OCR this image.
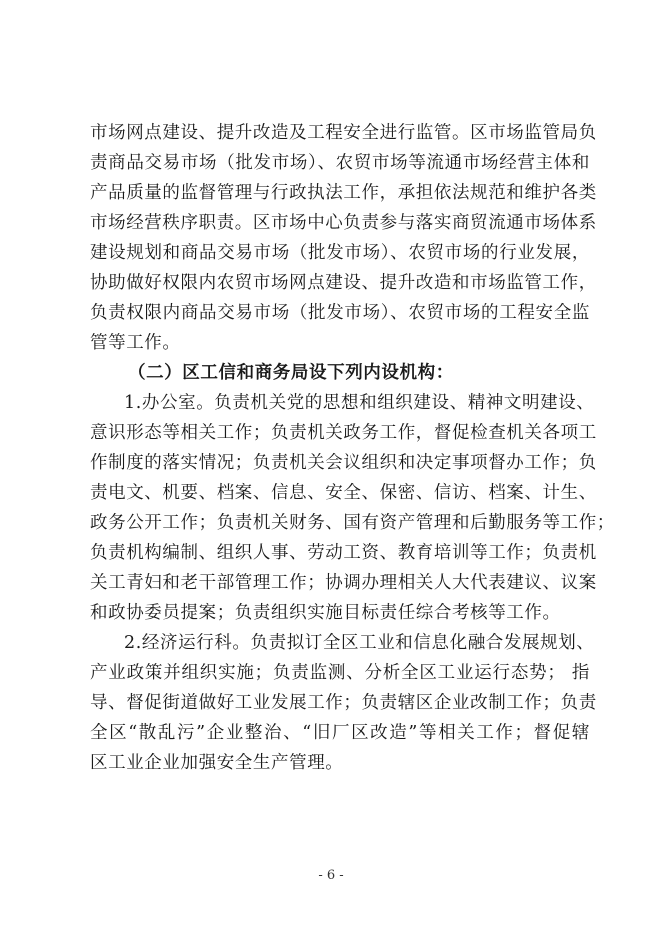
市场网点建设、提升改造及工程安全进行监管。区市场监管局负
责商品交易市场（批发市场）、农贸市场等流通市场经营主体和
产品质量的监督管理与行政执法工作，承担依法规范和维护各类
市场经营秩序职责。区市场中心负责参与落实商贸流通市场体系
建设规划和商品交易市场（批发市场）、农贸市场的行业发展，
协助做好权限内农贸市场网点建设、提升改造和市场监管工作，
负责权限内商品交易市场（批发市场）、农贸市场的工程安全监
管等工作。
（二）区工信和商务局设下列内设机构：
1.办公室。负责机关党的思想和组织建设、精神文明建设、
意识形态等相关工作；负责机关政务工作，督促检查机关各项工
作制度的落实情况；负责机关会议组织和决定事项督办工作；负
责电文、机要、档案、信息、安全、保密、信访、档案、计生、
政务公开工作；负责机关财务、国有资产管理和后勤服务等工作；
负责机构编制、组织人事、劳动工资、教育培训等工作；负责机
关工青妇和老干部管理工作；协调办理相关人大代表建议、议案
和政协委员提案；负责组织实施目标责任综合考核等工作。
2.经济运行科。负责拟订全区工业和信息化融合发展规划、
产业政策并组织实施；负责监测、分析全区工业运行态势； 指
导、督促街道做好工业发展工作；负责辖区企业改制工作；负责
全区“散乱污”企业整治、“旧厂区改造”等相关工作；督促辖
区工业企业加强安全生产管理。
- 6 -
